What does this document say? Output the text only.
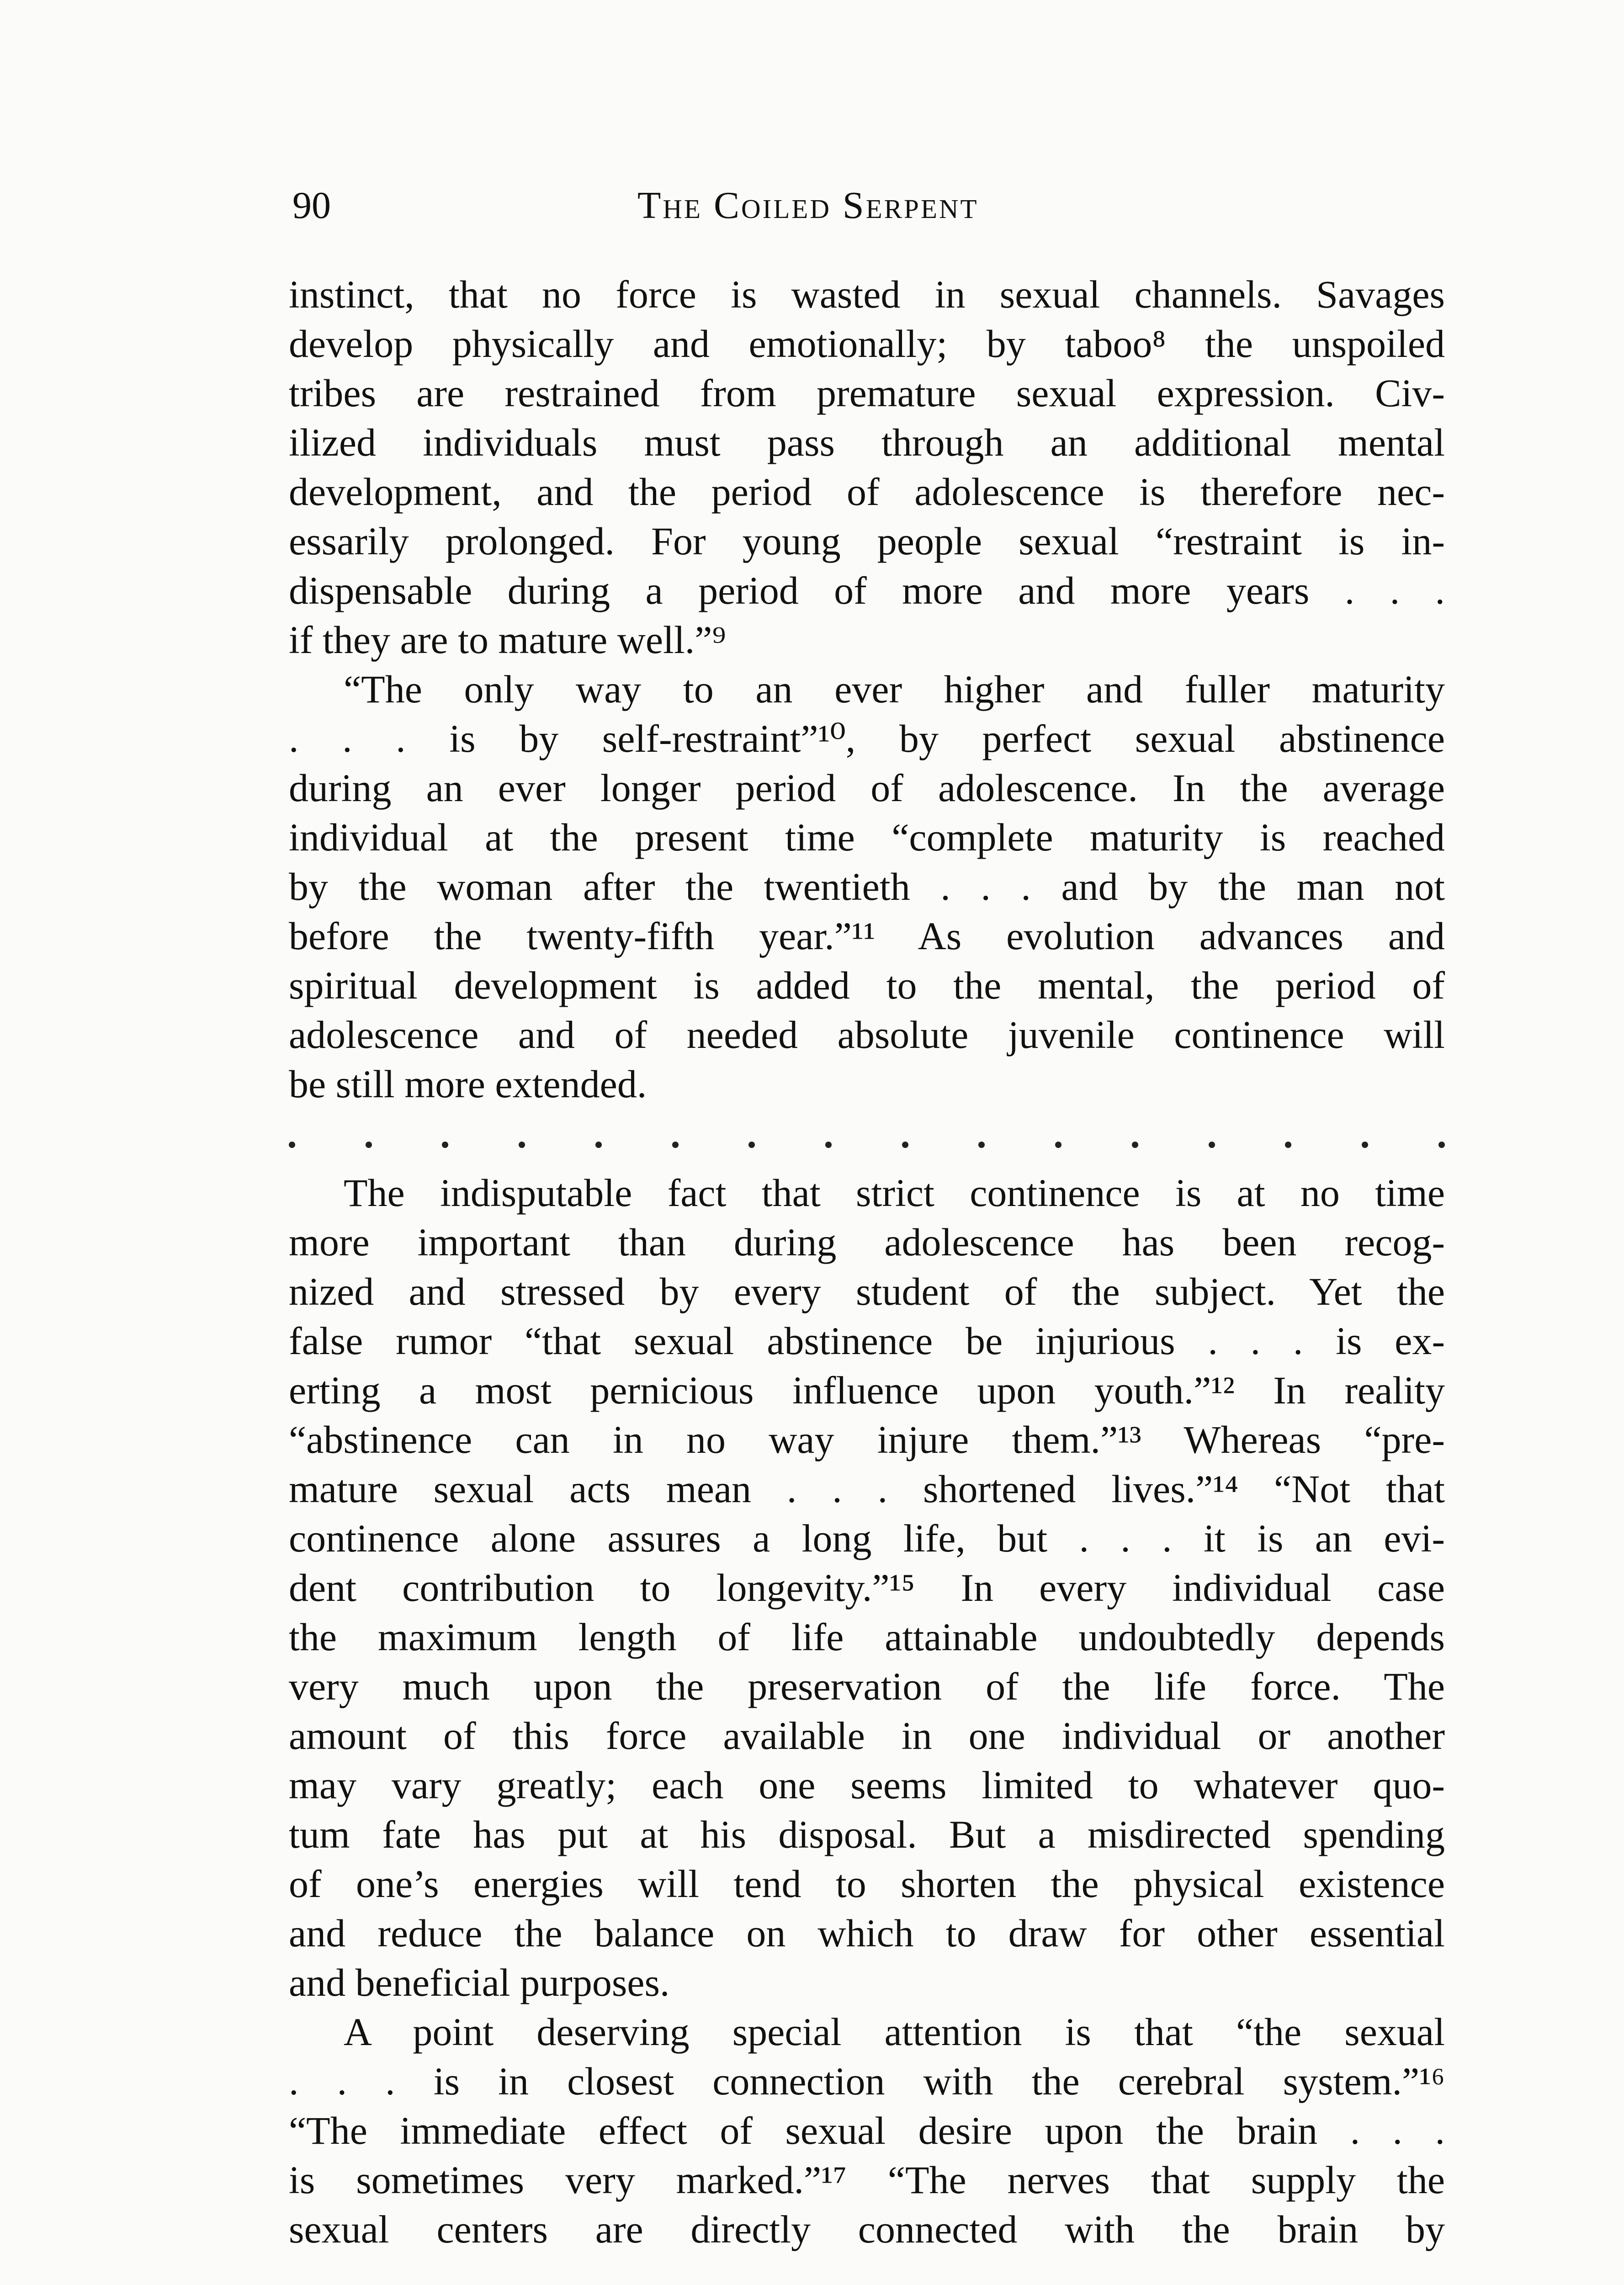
90	The Coiled Serpent
instinct, that no force is wasted in sexual channels. Savages
develop physically and emotionally; by taboo⁸ the unspoiled
tribes are restrained from premature sexual expression. Civ-
ilized individuals must pass through an additional mental
development, and the period of adolescence is therefore nec-
essarily prolonged. For young people sexual “restraint is in-
dispensable during a period of more and more years . . .
if they are to mature well.”⁹
“The only way to an ever higher and fuller maturity
. . . is by self-restraint”¹⁰, by perfect sexual abstinence
during an ever longer period of adolescence. In the average
individual at the present time “complete maturity is reached
by the woman after the twentieth . . . and by the man not
before the twenty-fifth year.”¹¹ As evolution advances and
spiritual development is added to the mental, the period of
adolescence and of needed absolute juvenile continence will
be still more extended.
The indisputable fact that strict continence is at no time
more important than during adolescence has been recog-
nized and stressed by every student of the subject. Yet the
false rumor “that sexual abstinence be injurious . . . is ex-
erting a most pernicious influence upon youth.”¹² In reality
“abstinence can in no way injure them.”¹³ Whereas “pre-
mature sexual acts mean . . . shortened lives.”¹⁴ “Not that
continence alone assures a long life, but . . . it is an evi-
dent contribution to longevity.”¹⁵ In every individual case
the maximum length of life attainable undoubtedly depends
very much upon the preservation of the life force. The
amount of this force available in one individual or another
may vary greatly; each one seems limited to whatever quo-
tum fate has put at his disposal. But a misdirected spending
of one’s energies will tend to shorten the physical existence
and reduce the balance on which to draw for other essential
and beneficial purposes.
A point deserving special attention is that “the sexual
. . . is in closest connection with the cerebral system.”¹⁶
“The immediate effect of sexual desire upon the brain . . .
is sometimes very marked.”¹⁷ “The nerves that supply the
sexual centers are directly connected with the brain by
